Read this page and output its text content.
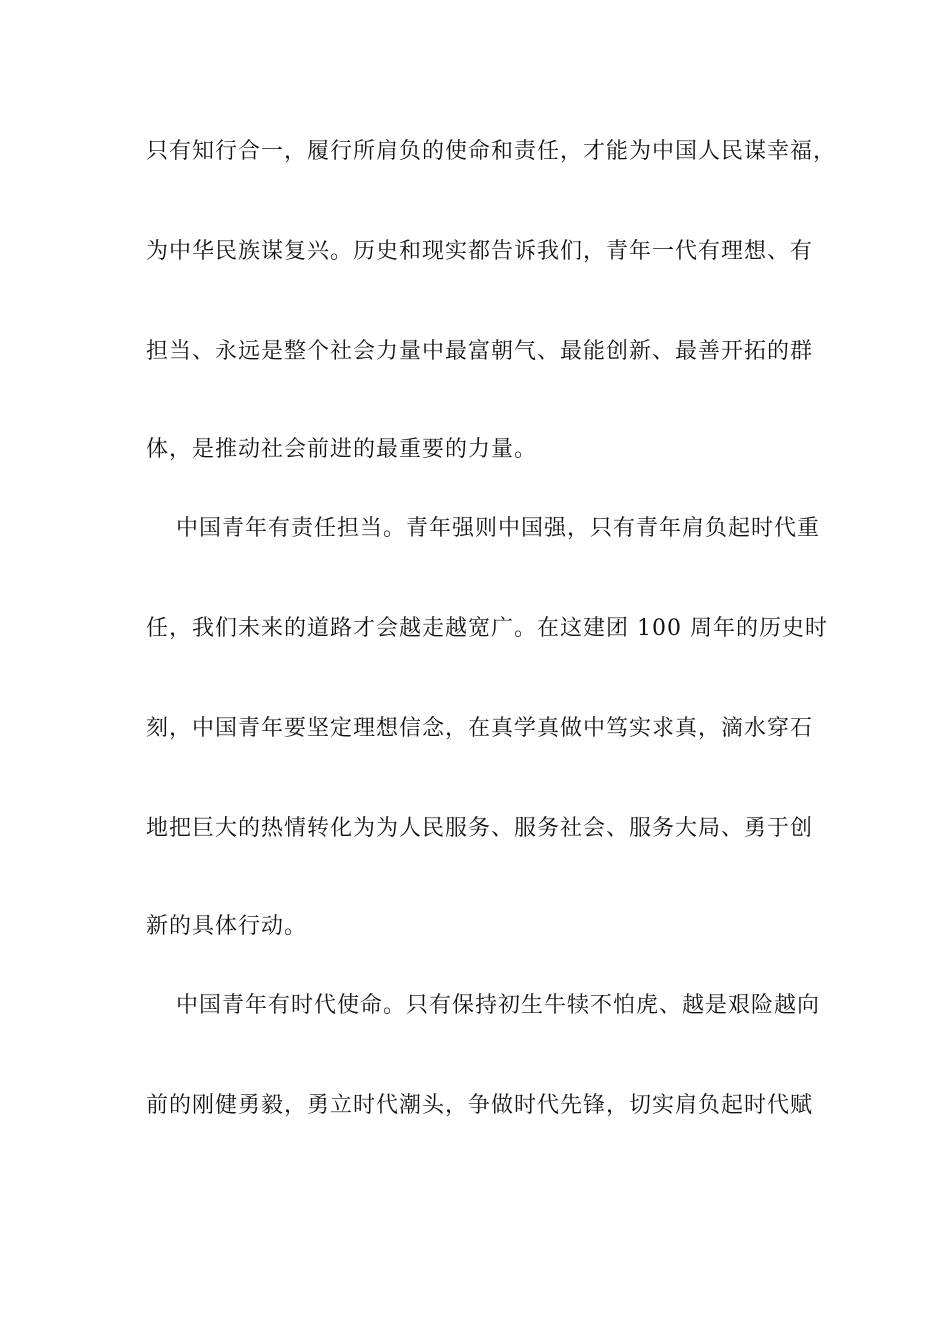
只有知行合一，履行所肩负的使命和责任，才能为中国人民谋幸福，
为中华民族谋复兴。历史和现实都告诉我们，青年一代有理想、有
担当、永远是整个社会力量中最富朝气、最能创新、最善开拓的群
体，是推动社会前进的最重要的力量。
中国青年有责任担当。青年强则中国强，只有青年肩负起时代重
任，我们未来的道路才会越走越宽广。在这建团 100 周年的历史时
刻，中国青年要坚定理想信念，在真学真做中笃实求真，滴水穿石
地把巨大的热情转化为为人民服务、服务社会、服务大局、勇于创
新的具体行动。
中国青年有时代使命。只有保持初生牛犊不怕虎、越是艰险越向
前的刚健勇毅，勇立时代潮头，争做时代先锋，切实肩负起时代赋
